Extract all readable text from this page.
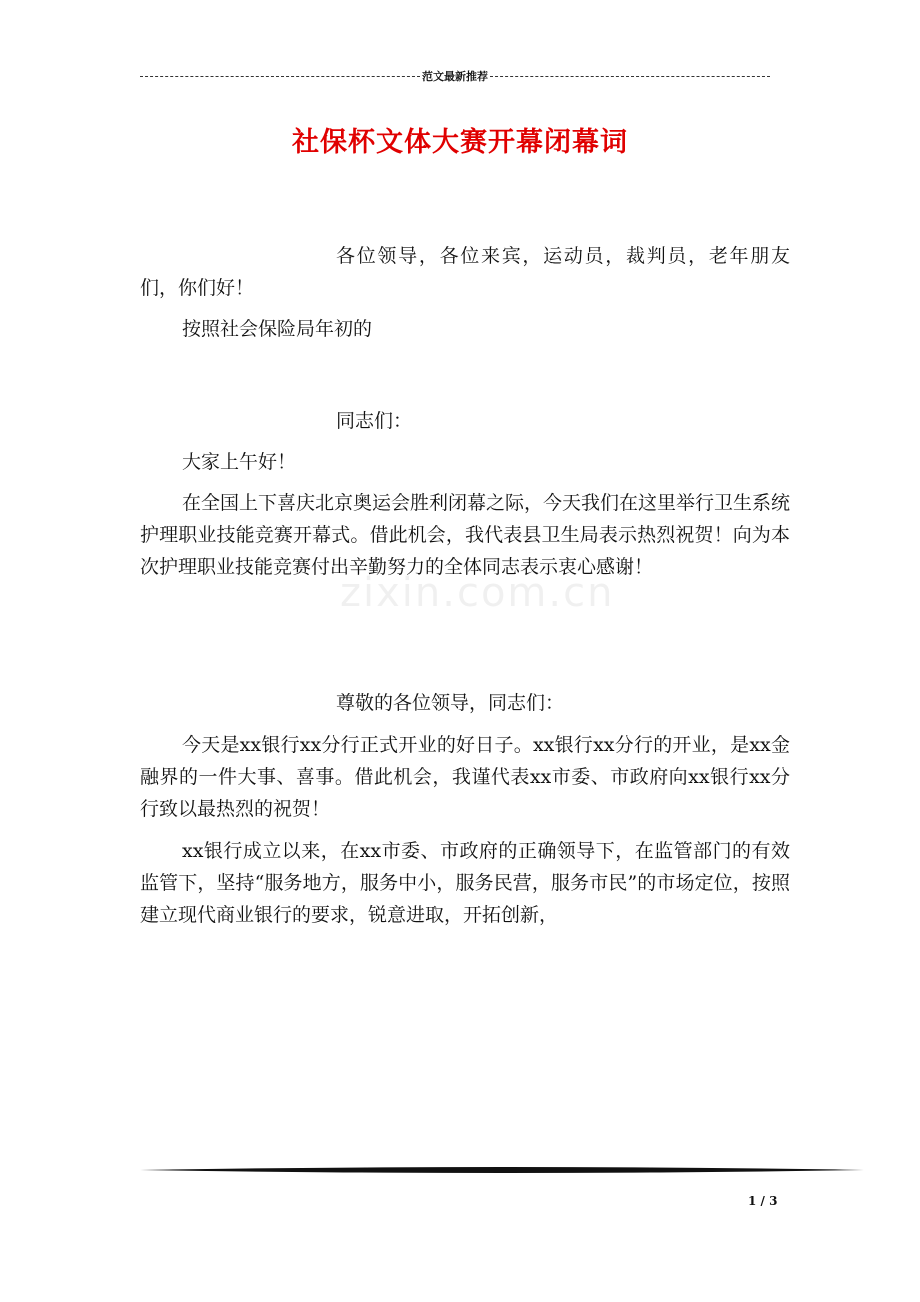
范文最新推荐
社保杯文体大赛开幕闭幕词
zixin.com.cn

各位领导，各位来宾，运动员，裁判员，老年朋友们，你们好！

按照社会保险局年初的

同志们：

大家上午好！

在全国上下喜庆北京奥运会胜利闭幕之际，今天我们在这里举行卫生系统护理职业技能竞赛开幕式。借此机会，我代表县卫生局表示热烈祝贺！向为本次护理职业技能竞赛付出辛勤努力的全体同志表示衷心感谢！

尊敬的各位领导，同志们：

今天是xx银行xx分行正式开业的好日子。xx银行xx分行的开业，是xx金融界的一件大事、喜事。借此机会，我谨代表xx市委、市政府向xx银行xx分行致以最热烈的祝贺！

xx银行成立以来，在xx市委、市政府的正确领导下，在监管部门的有效监管下，坚持“服务地方，服务中小，服务民营，服务市民”的市场定位，按照建立现代商业银行的要求，锐意进取，开拓创新，

1 / 3
